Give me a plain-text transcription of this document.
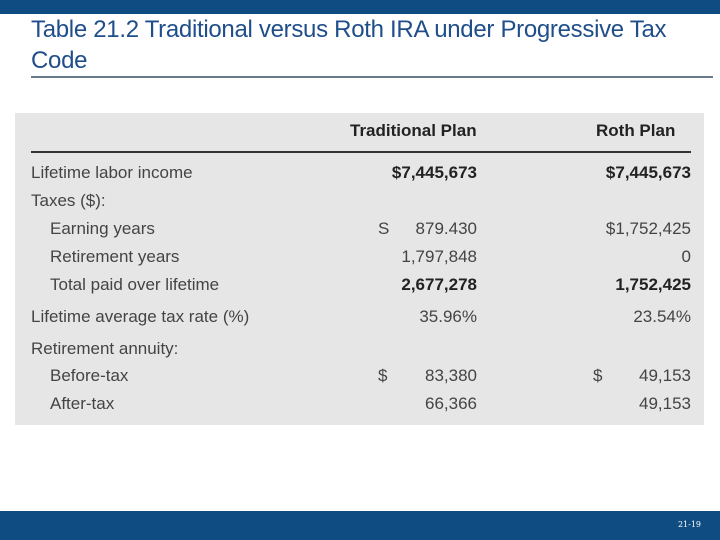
Table 21.2 Traditional versus Roth IRA under Progressive Tax Code
Traditional Plan	Roth Plan
Lifetime labor income	$7,445,673	$7,445,673
Taxes ($):
Earning years	S 879.430	$1,752,425
Retirement years	1,797,848	0
Total paid over lifetime	2,677,278	1,752,425
Lifetime average tax rate (%)	35.96%	23.54%
Retirement annuity:
Before-tax	$ 83,380	$ 49,153
After-tax	66,366	49,153
21-19
